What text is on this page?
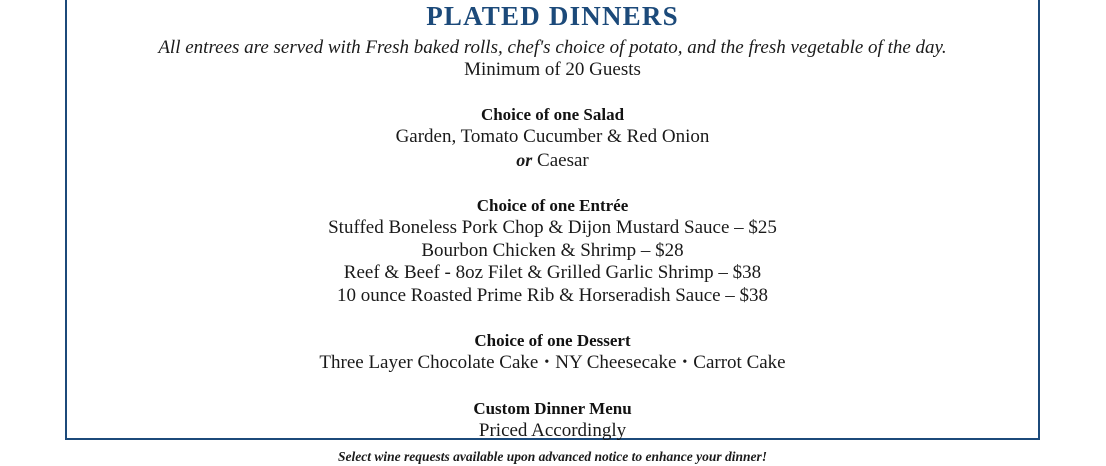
PLATED DINNERS

All entrees are served with Fresh baked rolls, chef's choice of potato, and the fresh vegetable of the day.

Minimum of 20 Guests

Choice of one Salad

Garden, Tomato Cucumber & Red Onion

or Caesar

Choice of one Entrée

Stuffed Boneless Pork Chop & Dijon Mustard Sauce – $25

Bourbon Chicken & Shrimp – $28

Reef & Beef - 8oz Filet & Grilled Garlic Shrimp – $38

10 ounce Roasted Prime Rib & Horseradish Sauce – $38

Choice of one Dessert

Three Layer Chocolate Cake • NY Cheesecake • Carrot Cake

Custom Dinner Menu

Priced Accordingly

Select wine requests available upon advanced notice to enhance your dinner!
